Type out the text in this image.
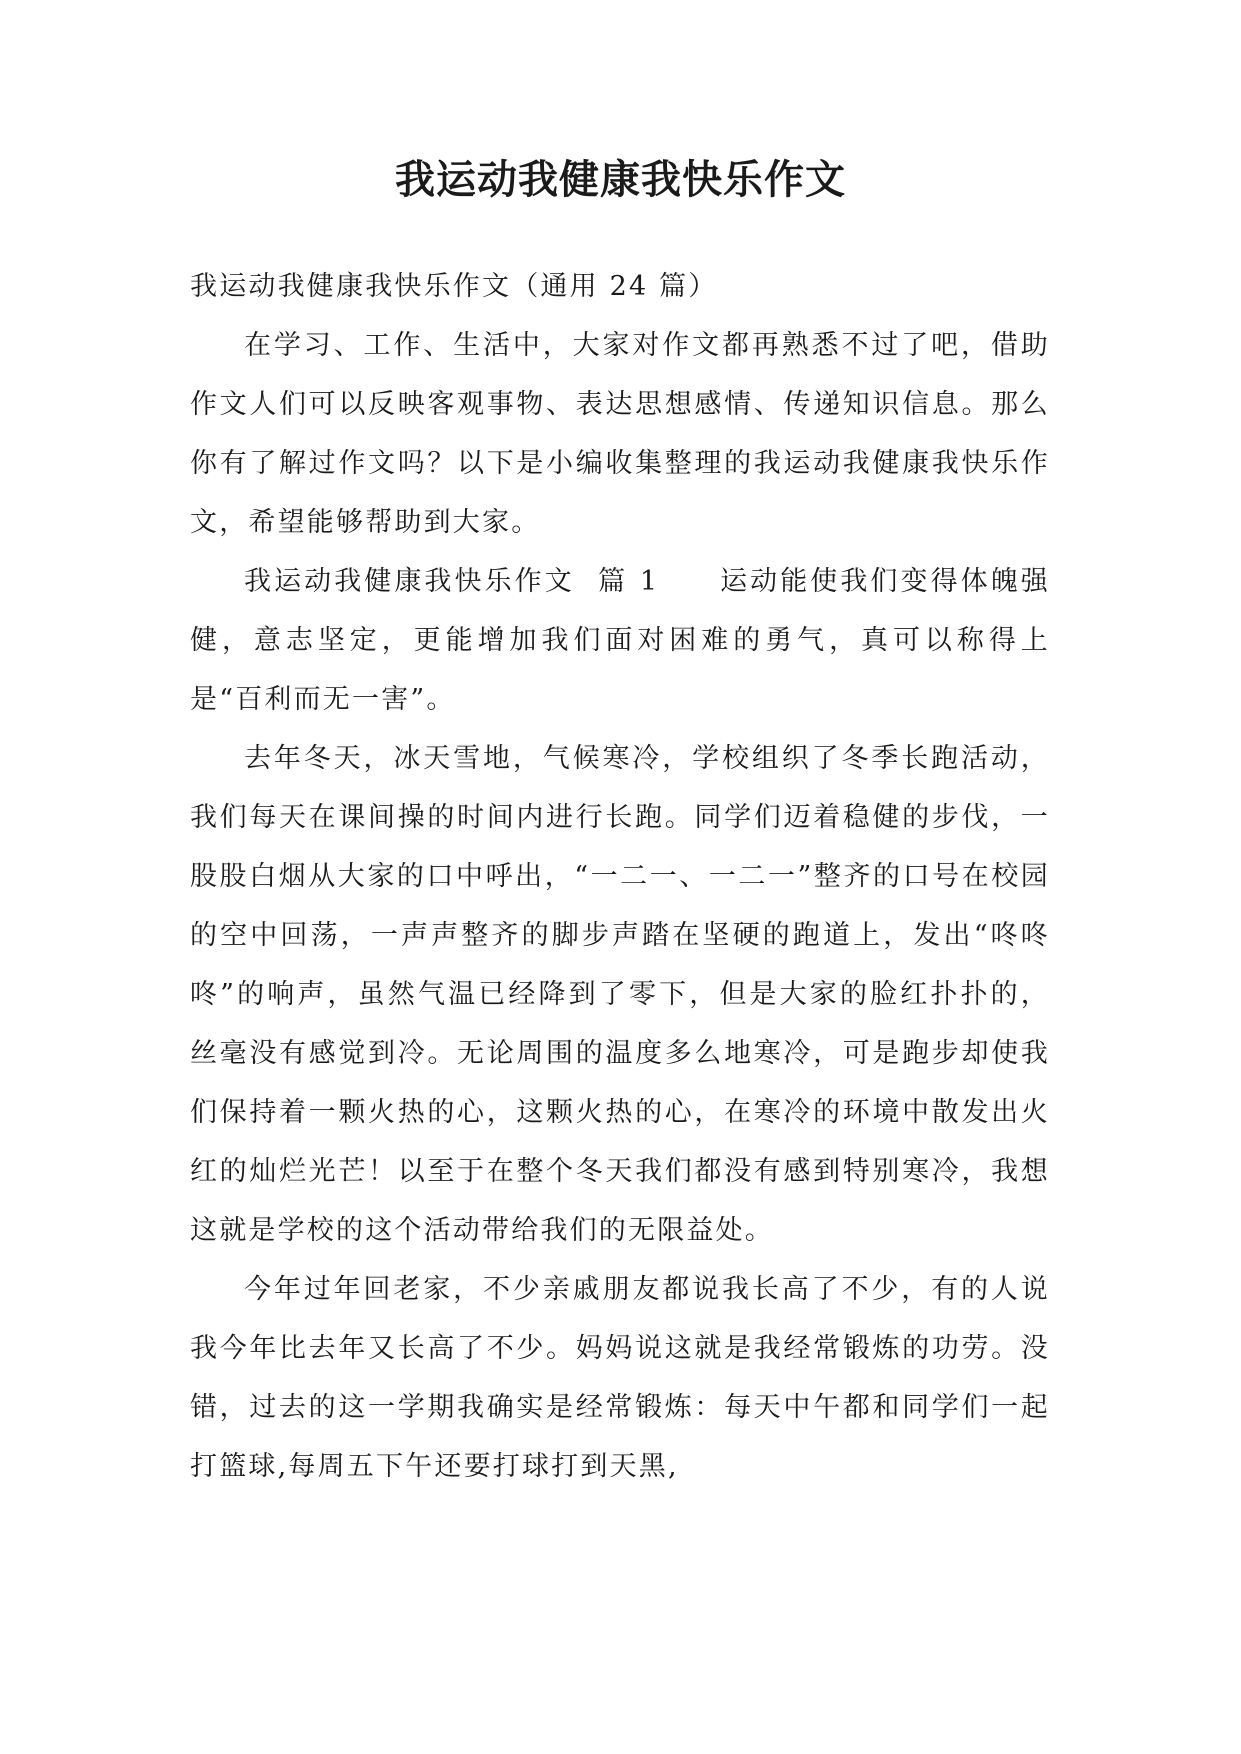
我运动我健康我快乐作文

我运动我健康我快乐作文（通用 24 篇）

在学习、工作、生活中，大家对作文都再熟悉不过了吧，借助作文人们可以反映客观事物、表达思想感情、传递知识信息。那么你有了解过作文吗？以下是小编收集整理的我运动我健康我快乐作文，希望能够帮助到大家。

我运动我健康我快乐作文  篇 1 运动能使我们变得体魄强健，意志坚定，更能增加我们面对困难的勇气，真可以称得上是“百利而无一害”。

去年冬天，冰天雪地，气候寒冷，学校组织了冬季长跑活动，我们每天在课间操的时间内进行长跑。同学们迈着稳健的步伐，一股股白烟从大家的口中呼出，“一二一、一二一”整齐的口号在校园的空中回荡，一声声整齐的脚步声踏在坚硬的跑道上，发出“咚咚咚”的响声，虽然气温已经降到了零下，但是大家的脸红扑扑的，丝毫没有感觉到冷。无论周围的温度多么地寒冷，可是跑步却使我们保持着一颗火热的心，这颗火热的心，在寒冷的环境中散发出火红的灿烂光芒！以至于在整个冬天我们都没有感到特别寒冷，我想这就是学校的这个活动带给我们的无限益处。

今年过年回老家，不少亲戚朋友都说我长高了不少，有的人说我今年比去年又长高了不少。妈妈说这就是我经常锻炼的功劳。没错，过去的这一学期我确实是经常锻炼：每天中午都和同学们一起打篮球,每周五下午还要打球打到天黑,
